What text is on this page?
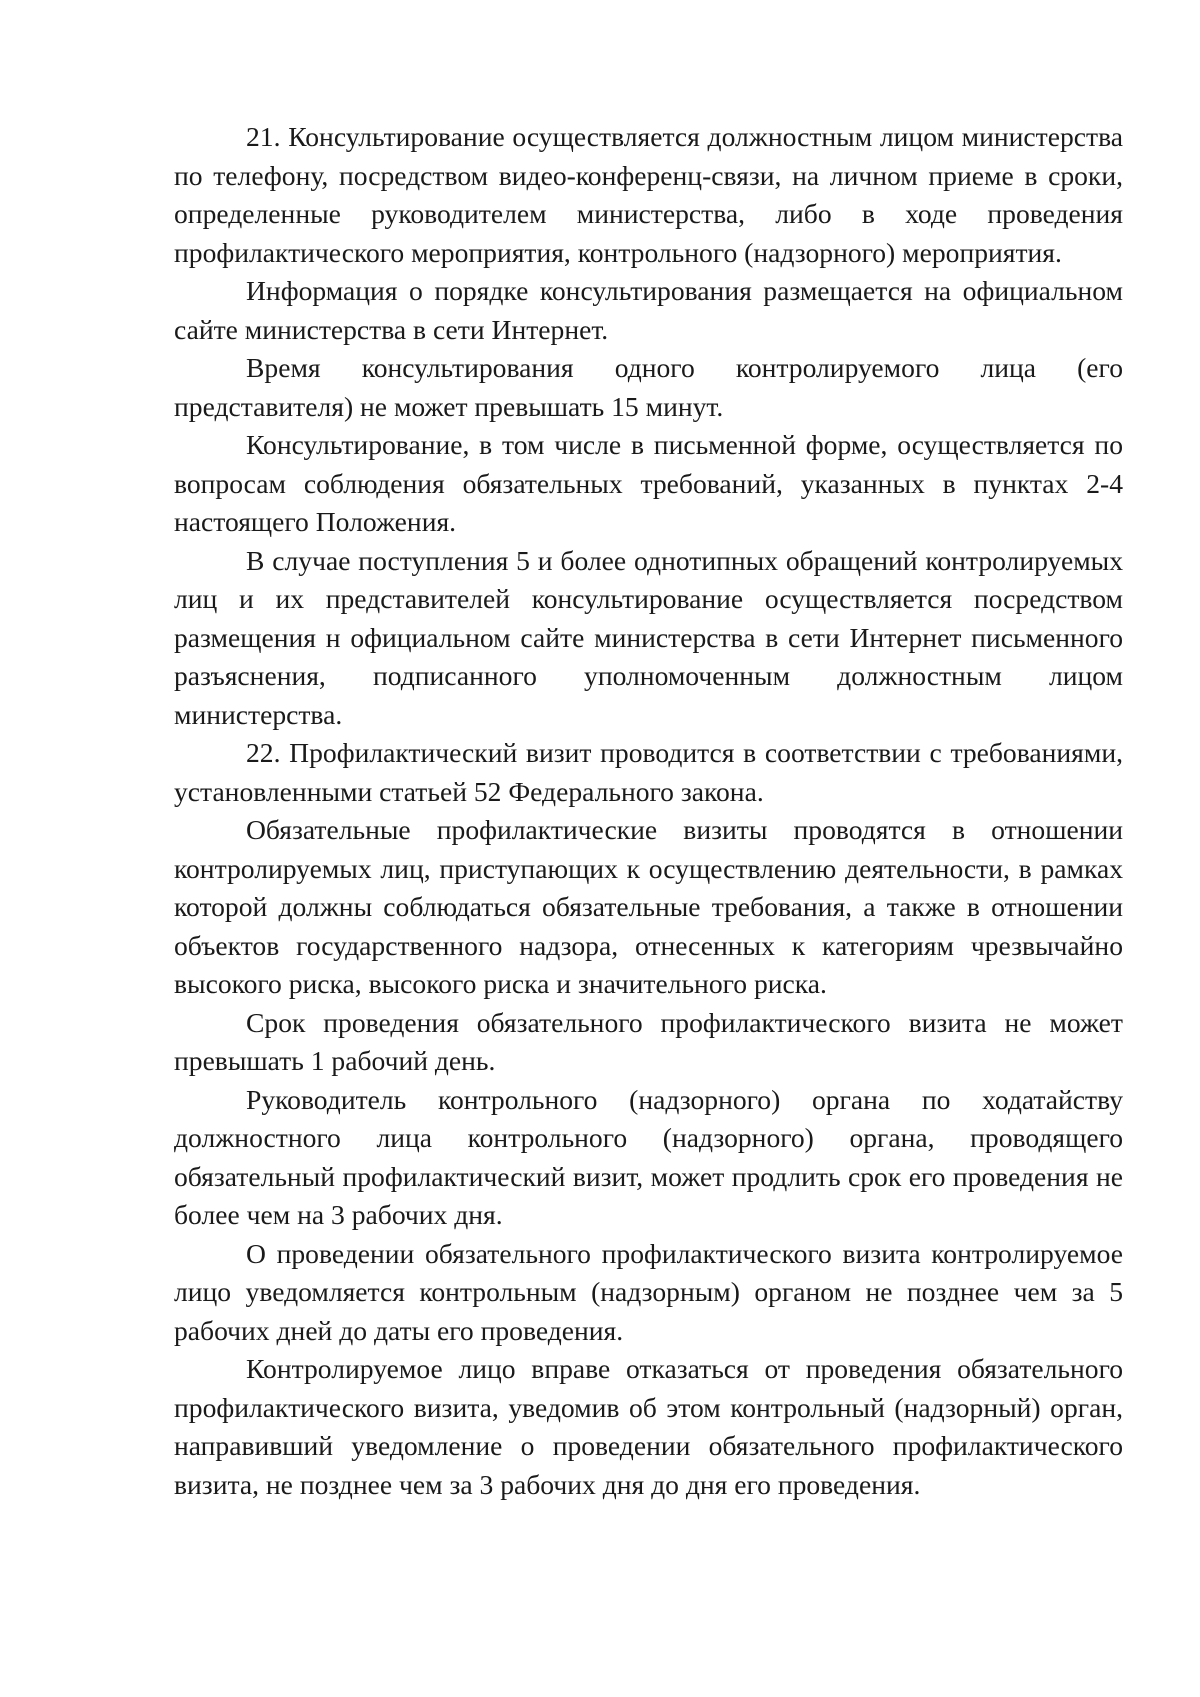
21. Консультирование осуществляется должностным лицом министерства по телефону, посредством видео-конференц-связи, на личном приеме в сроки, определенные руководителем министерства, либо в ходе проведения профилактического мероприятия, контрольного (надзорного) мероприятия.

Информация о порядке консультирования размещается на официальном сайте министерства в сети Интернет.

Время консультирования одного контролируемого лица (его представителя) не может превышать 15 минут.

Консультирование, в том числе в письменной форме, осуществляется по вопросам соблюдения обязательных требований, указанных в пунктах 2-4 настоящего Положения.

В случае поступления 5 и более однотипных обращений контролируемых лиц и их представителей консультирование осуществляется посредством размещения н официальном сайте министерства в сети Интернет письменного разъяснения, подписанного уполномоченным должностным лицом министерства.

22. Профилактический визит проводится в соответствии с требованиями, установленными статьей 52 Федерального закона.

Обязательные профилактические визиты проводятся в отношении контролируемых лиц, приступающих к осуществлению деятельности, в рамках которой должны соблюдаться обязательные требования, а также в отношении объектов государственного надзора, отнесенных к категориям чрезвычайно высокого риска, высокого риска и значительного риска.

Срок проведения обязательного профилактического визита не может превышать 1 рабочий день.

Руководитель контрольного (надзорного) органа по ходатайству должностного лица контрольного (надзорного) органа, проводящего обязательный профилактический визит, может продлить срок его проведения не более чем на 3 рабочих дня.

О проведении обязательного профилактического визита контролируемое лицо уведомляется контрольным (надзорным) органом не позднее чем за 5 рабочих дней до даты его проведения.

Контролируемое лицо вправе отказаться от проведения обязательного профилактического визита, уведомив об этом контрольный (надзорный) орган, направивший уведомление о проведении обязательного профилактического визита, не позднее чем за 3 рабочих дня до дня его проведения.
